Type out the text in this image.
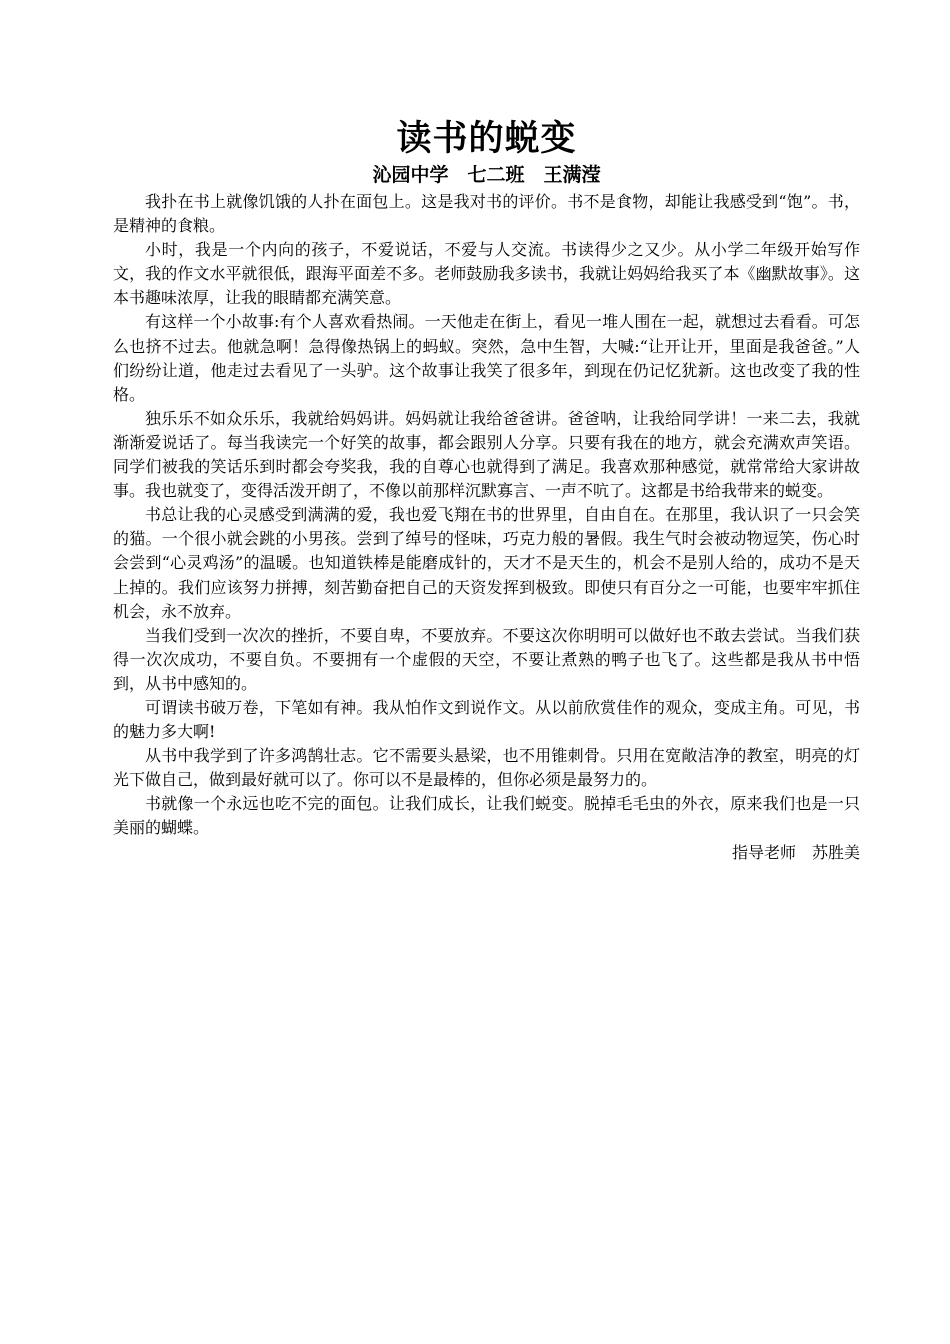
读书的蜕变

沁园中学　七二班　王满滢

我扑在书上就像饥饿的人扑在面包上。这是我对书的评价。书不是食物，却能让我感受到“饱”。书，是精神的食粮。

小时，我是一个内向的孩子，不爱说话，不爱与人交流。书读得少之又少。从小学二年级开始写作文，我的作文水平就很低，跟海平面差不多。老师鼓励我多读书，我就让妈妈给我买了本《幽默故事》。这本书趣味浓厚，让我的眼睛都充满笑意。

有这样一个小故事:有个人喜欢看热闹。一天他走在街上，看见一堆人围在一起，就想过去看看。可怎么也挤不过去。他就急啊！急得像热锅上的蚂蚁。突然，急中生智，大喊:“让开让开，里面是我爸爸。”人们纷纷让道，他走过去看见了一头驴。这个故事让我笑了很多年，到现在仍记忆犹新。这也改变了我的性格。

独乐乐不如众乐乐，我就给妈妈讲。妈妈就让我给爸爸讲。爸爸呐，让我给同学讲！一来二去，我就渐渐爱说话了。每当我读完一个好笑的故事，都会跟别人分享。只要有我在的地方，就会充满欢声笑语。同学们被我的笑话乐到时都会夸奖我，我的自尊心也就得到了满足。我喜欢那种感觉，就常常给大家讲故事。我也就变了，变得活泼开朗了，不像以前那样沉默寡言、一声不吭了。这都是书给我带来的蜕变。

书总让我的心灵感受到满满的爱，我也爱飞翔在书的世界里，自由自在。在那里，我认识了一只会笑的猫。一个很小就会跳的小男孩。尝到了绰号的怪味，巧克力般的暑假。我生气时会被动物逗笑，伤心时会尝到“心灵鸡汤”的温暖。也知道铁棒是能磨成针的，天才不是天生的，机会不是别人给的，成功不是天上掉的。我们应该努力拼搏，刻苦勤奋把自己的天资发挥到极致。即使只有百分之一可能，也要牢牢抓住机会，永不放弃。

当我们受到一次次的挫折，不要自卑，不要放弃。不要这次你明明可以做好也不敢去尝试。当我们获得一次次成功，不要自负。不要拥有一个虚假的天空，不要让煮熟的鸭子也飞了。这些都是我从书中悟到，从书中感知的。

可谓读书破万卷，下笔如有神。我从怕作文到说作文。从以前欣赏佳作的观众，变成主角。可见，书的魅力多大啊!

从书中我学到了许多鸿鹄壮志。它不需要头悬梁，也不用锥刺骨。只用在宽敞洁净的教室，明亮的灯光下做自己，做到最好就可以了。你可以不是最棒的，但你必须是最努力的。

书就像一个永远也吃不完的面包。让我们成长，让我们蜕变。脱掉毛毛虫的外衣，原来我们也是一只美丽的蝴蝶。

指导老师　苏胜美
